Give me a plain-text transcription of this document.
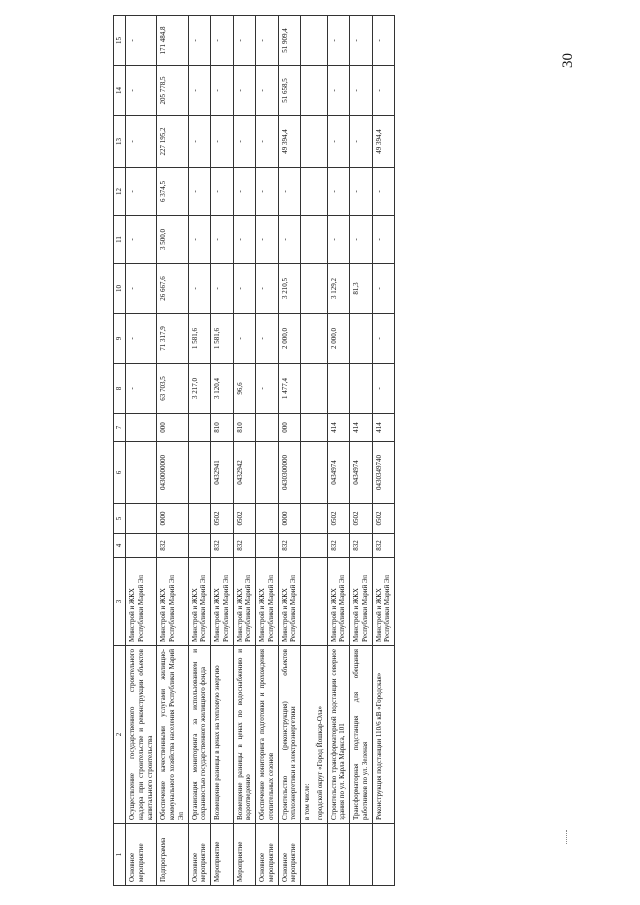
30
1	2	3	4	5	6	7	8	9	10	11	12	13	14	15
Основное мероприятие	Осуществление государственного строительного надзора при строительстве и реконструкции объектов капитального строительства	Минстрой и ЖКХ Республики Марий Эл					-	-	-	-	-	-	-	-
Подпрограмма	Обеспечение качественными услугами жилищно-коммунального хозяйства населения Республики Марий Эл	Минстрой и ЖКХ Республики Марий Эл	832	0000	0430000000	000	63 703,5	71 317,9	26 667,6	3 500,0	6 374,5	227 195,2	205 778,5	171 484,8
Основное мероприятие	Организация мониторинга за использованием и сохранностью государственного жилищного фонда	Минстрой и ЖКХ Республики Марий Эл					3 217,0	1 581,6	-	-	-	-	-	-
Мероприятие	Возмещение разницы в ценах на тепловую энергию	Минстрой и ЖКХ Республики Марий Эл	832	0502	0432941	810	3 120,4	1 581,6	-	-	-	-	-	-
Мероприятие	Возмещение разницы в ценах по водоснабжению и водоотведению	Минстрой и ЖКХ Республики Марий Эл	832	0502	0432942	810	96,6	-	-	-	-	-	-	-
Основное мероприятие	Обеспечение мониторинга подготовки и прохождения отопительных сезонов	Минстрой и ЖКХ Республики Марий Эл					-	-	-	-	-	-	-	-
Основное мероприятие	Строительство (реконструкция) объектов теплоэнергетики и электроэнергетики	Минстрой и ЖКХ Республики Марий Эл	832	0000	0430300000	000	1 477,4	2 000,0	3 210,5	-	-	49 394,4	51 658,5	51 909,4
	в том числе:													
	городской округ «Город Йошкар-Ола»													
	Строительство трансформаторной подстанции северное здания по ул. Карла Маркса, 101	Минстрой и ЖКХ Республики Марий Эл	832	0502	0434974	414		2 000,0	3 129,2	-	-	-	-	-
	Трансформаторная подстанция для обещания работников по ул. Зеленая	Минстрой и ЖКХ Республики Марий Эл	832	0502	0434974	414			81,3	-	-	-	-	-
	Реконструкция подстанции 110/6 кВ «Городская»	Минстрой и ЖКХ Республики Марий Эл	832	0502	0430349740	414	-	-	-	-	-	49 394,4	-	-
